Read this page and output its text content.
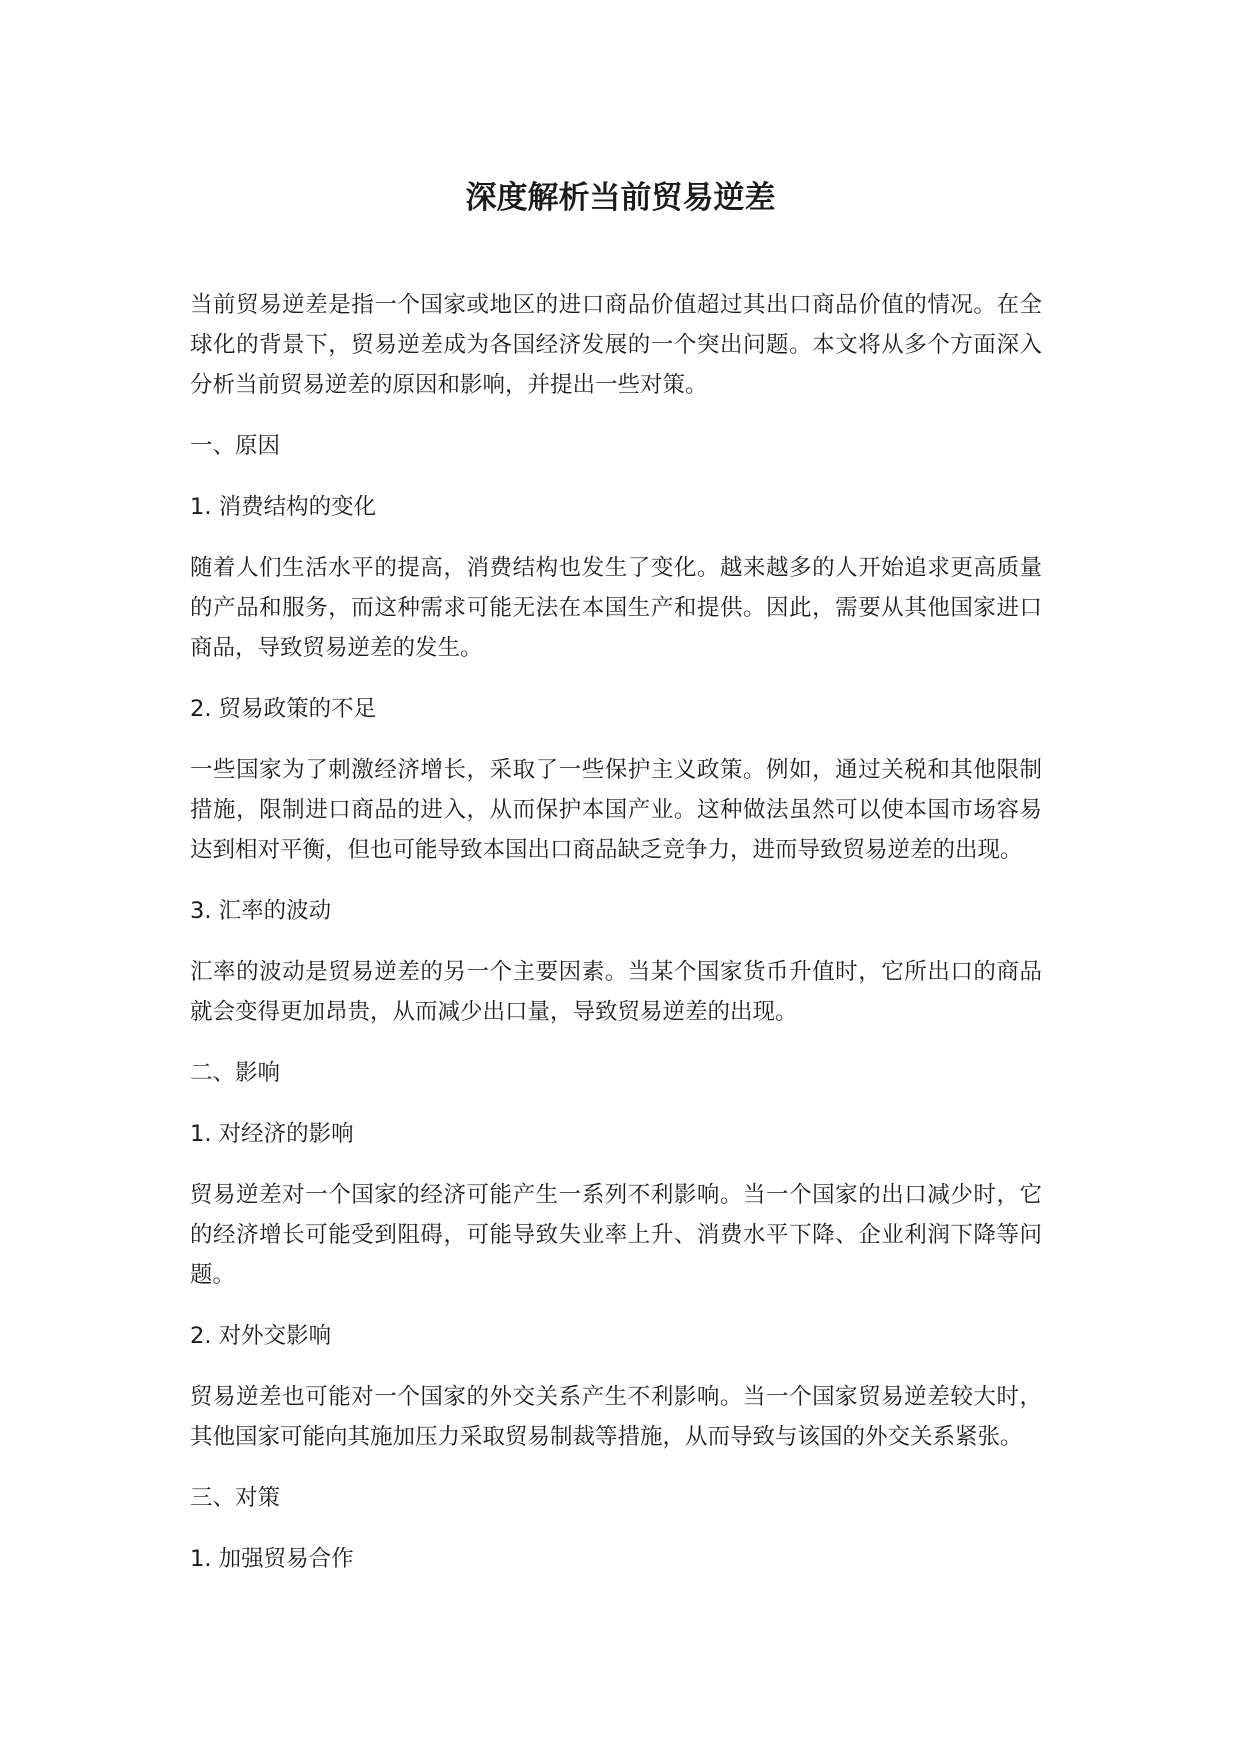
深度解析当前贸易逆差

当前贸易逆差是指一个国家或地区的进口商品价值超过其出口商品价值的情况。在全球化的背景下，贸易逆差成为各国经济发展的一个突出问题。本文将从多个方面深入分析当前贸易逆差的原因和影响，并提出一些对策。

一、原因

1. 消费结构的变化

随着人们生活水平的提高，消费结构也发生了变化。越来越多的人开始追求更高质量的产品和服务，而这种需求可能无法在本国生产和提供。因此，需要从其他国家进口商品，导致贸易逆差的发生。

2. 贸易政策的不足

一些国家为了刺激经济增长，采取了一些保护主义政策。例如，通过关税和其他限制措施，限制进口商品的进入，从而保护本国产业。这种做法虽然可以使本国市场容易达到相对平衡，但也可能导致本国出口商品缺乏竞争力，进而导致贸易逆差的出现。

3. 汇率的波动

汇率的波动是贸易逆差的另一个主要因素。当某个国家货币升值时，它所出口的商品就会变得更加昂贵，从而减少出口量，导致贸易逆差的出现。

二、影响

1. 对经济的影响

贸易逆差对一个国家的经济可能产生一系列不利影响。当一个国家的出口减少时，它的经济增长可能受到阻碍，可能导致失业率上升、消费水平下降、企业利润下降等问题。

2. 对外交影响

贸易逆差也可能对一个国家的外交关系产生不利影响。当一个国家贸易逆差较大时，其他国家可能向其施加压力采取贸易制裁等措施，从而导致与该国的外交关系紧张。

三、对策

1. 加强贸易合作
